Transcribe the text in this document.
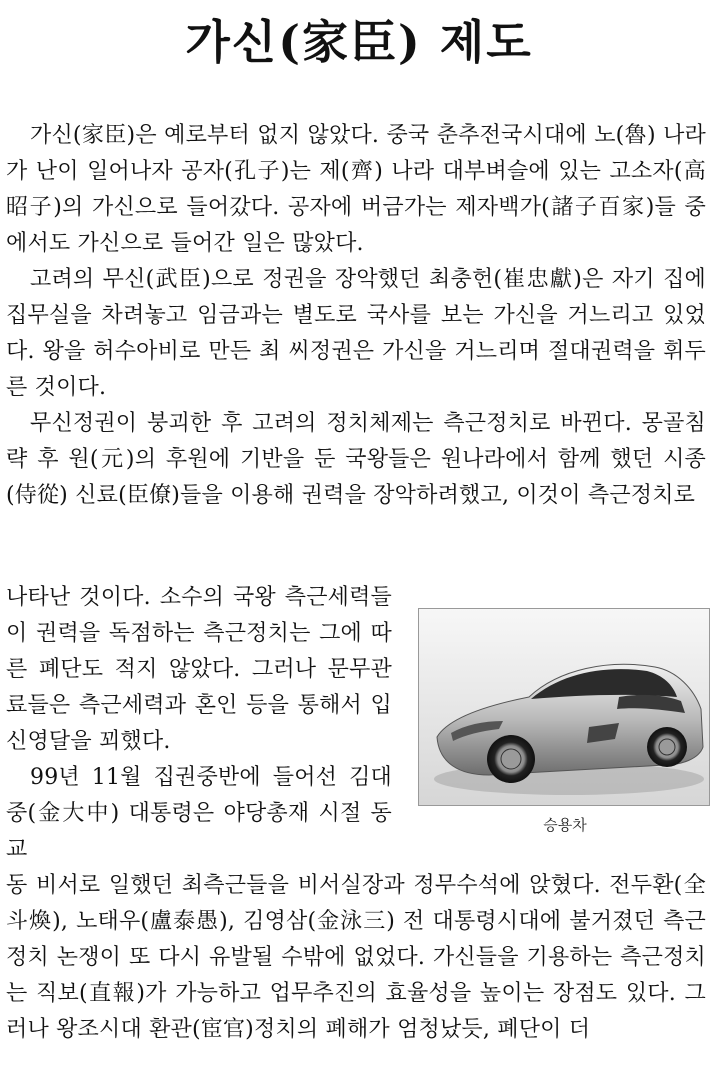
가신(家臣) 제도

가신(家臣)은 예로부터 없지 않았다. 중국 춘추전국시대에 노(魯) 나라가 난이 일어나자 공자(孔子)는 제(齊) 나라 대부벼슬에 있는 고소자(高昭子)의 가신으로 들어갔다. 공자에 버금가는 제자백가(諸子百家)들 중에서도 가신으로 들어간 일은 많았다.

고려의 무신(武臣)으로 정권을 장악했던 최충헌(崔忠獻)은 자기 집에 집무실을 차려놓고 임금과는 별도로 국사를 보는 가신을 거느리고 있었다. 왕을 허수아비로 만든 최 씨정권은 가신을 거느리며 절대권력을 휘두른 것이다.

무신정권이 붕괴한 후 고려의 정치체제는 측근정치로 바뀐다. 몽골침략 후 원(元)의 후원에 기반을 둔 국왕들은 원나라에서 함께 했던 시종(侍從) 신료(臣僚)들을 이용해 권력을 장악하려했고, 이것이 측근정치로

나타난 것이다. 소수의 국왕 측근세력들이 권력을 독점하는 측근정치는 그에 따른 폐단도 적지 않았다. 그러나 문무관료들은 측근세력과 혼인 등을 통해서 입신영달을 꾀했다.

99년 11월 집권중반에 들어선 김대중(金大中) 대통령은 야당총재 시절 동교

동 비서로 일했던 최측근들을 비서실장과 정무수석에 앉혔다. 전두환(全斗煥), 노태우(盧泰愚), 김영삼(金泳三) 전 대통령시대에 불거졌던 측근정치 논쟁이 또 다시 유발될 수밖에 없었다. 가신들을 기용하는 측근정치는 직보(直報)가 가능하고 업무추진의 효율성을 높이는 장점도 있다. 그러나 왕조시대 환관(宦官)정치의 폐해가 엄청났듯, 폐단이 더

승용차
